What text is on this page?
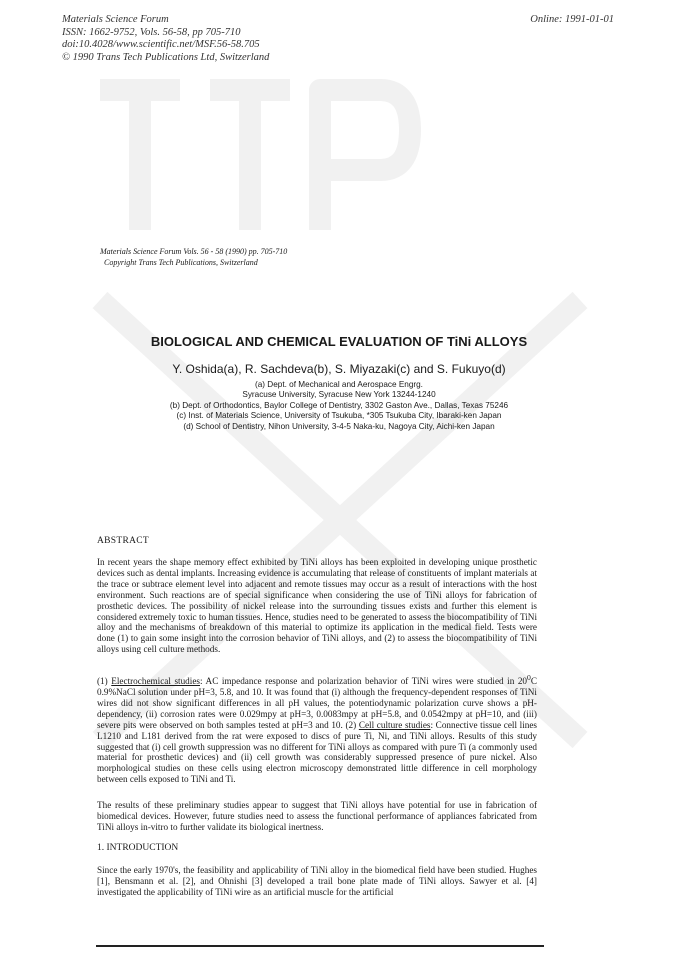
Materials Science Forum
ISSN: 1662-9752, Vols. 56-58, pp 705-710
doi:10.4028/www.scientific.net/MSF.56-58.705
© 1990 Trans Tech Publications Ltd, Switzerland
Online: 1991-01-01
Materials Science Forum Vols. 56 - 58 (1990) pp. 705-710
Copyright Trans Tech Publications, Switzerland
BIOLOGICAL AND CHEMICAL EVALUATION OF TiNi ALLOYS
Y. Oshida(a), R. Sachdeva(b), S. Miyazaki(c) and S. Fukuyo(d)
(a) Dept. of Mechanical and Aerospace Engrg.
Syracuse University, Syracuse New York 13244-1240
(b) Dept. of Orthodontics, Baylor College of Dentistry, 3302 Gaston Ave., Dallas, Texas 75246
(c) Inst. of Materials Science, University of Tsukuba, *305 Tsukuba City, Ibaraki-ken Japan
(d) School of Dentistry, Nihon University, 3-4-5 Naka-ku, Nagoya City, Aichi-ken Japan
ABSTRACT
In recent years the shape memory effect exhibited by TiNi alloys has been exploited in developing unique prosthetic devices such as dental implants. Increasing evidence is accumulating that release of constituents of implant materials at the trace or subtrace element level into adjacent and remote tissues may occur as a result of interactions with the host environment. Such reactions are of special significance when considering the use of TiNi alloys for fabrication of prosthetic devices. The possibility of nickel release into the surrounding tissues exists and further this element is considered extremely toxic to human tissues. Hence, studies need to be generated to assess the biocompatibility of TiNi alloy and the mechanisms of breakdown of this material to optimize its application in the medical field. Tests were done (1) to gain some insight into the corrosion behavior of TiNi alloys, and (2) to assess the biocompatibility of TiNi alloys using cell culture methods.
(1) Electrochemical studies: AC impedance response and polarization behavior of TiNi wires were studied in $20^0C$ 0.9%NaCl solution under pH=3, 5.8, and 10. It was found that (i) although the frequency-dependent responses of TiNi wires did not show significant differences in all pH values, the potentiodynamic polarization curve shows a pH-dependency, (ii) corrosion rates were 0.029mpy at pH=3, 0.0083mpy at pH=5.8, and 0.0542mpy at pH=10, and (iii) severe pits were observed on both samples tested at pH=3 and 10. (2) Cell culture studies: Connective tissue cell lines L1210 and L181 derived from the rat were exposed to discs of pure Ti, Ni, and TiNi alloys. Results of this study suggested that (i) cell growth suppression was no different for TiNi alloys as compared with pure Ti (a commonly used material for prosthetic devices) and (ii) cell growth was considerably suppressed presence of pure nickel. Also morphological studies on these cells using electron microscopy demonstrated little difference in cell morphology between cells exposed to TiNi and Ti.
The results of these preliminary studies appear to suggest that TiNi alloys have potential for use in fabrication of biomedical devices. However, future studies need to assess the functional performance of appliances fabricated from TiNi alloys in-vitro to further validate its biological inertness.
1. INTRODUCTION
Since the early 1970's, the feasibility and applicability of TiNi alloy in the biomedical field have been studied. Hughes [1], Bensmann et al. [2], and Ohnishi [3] developed a trail bone plate made of TiNi alloys. Sawyer et al. [4] investigated the applicability of TiNi wire as an artificial muscle for the artificial
